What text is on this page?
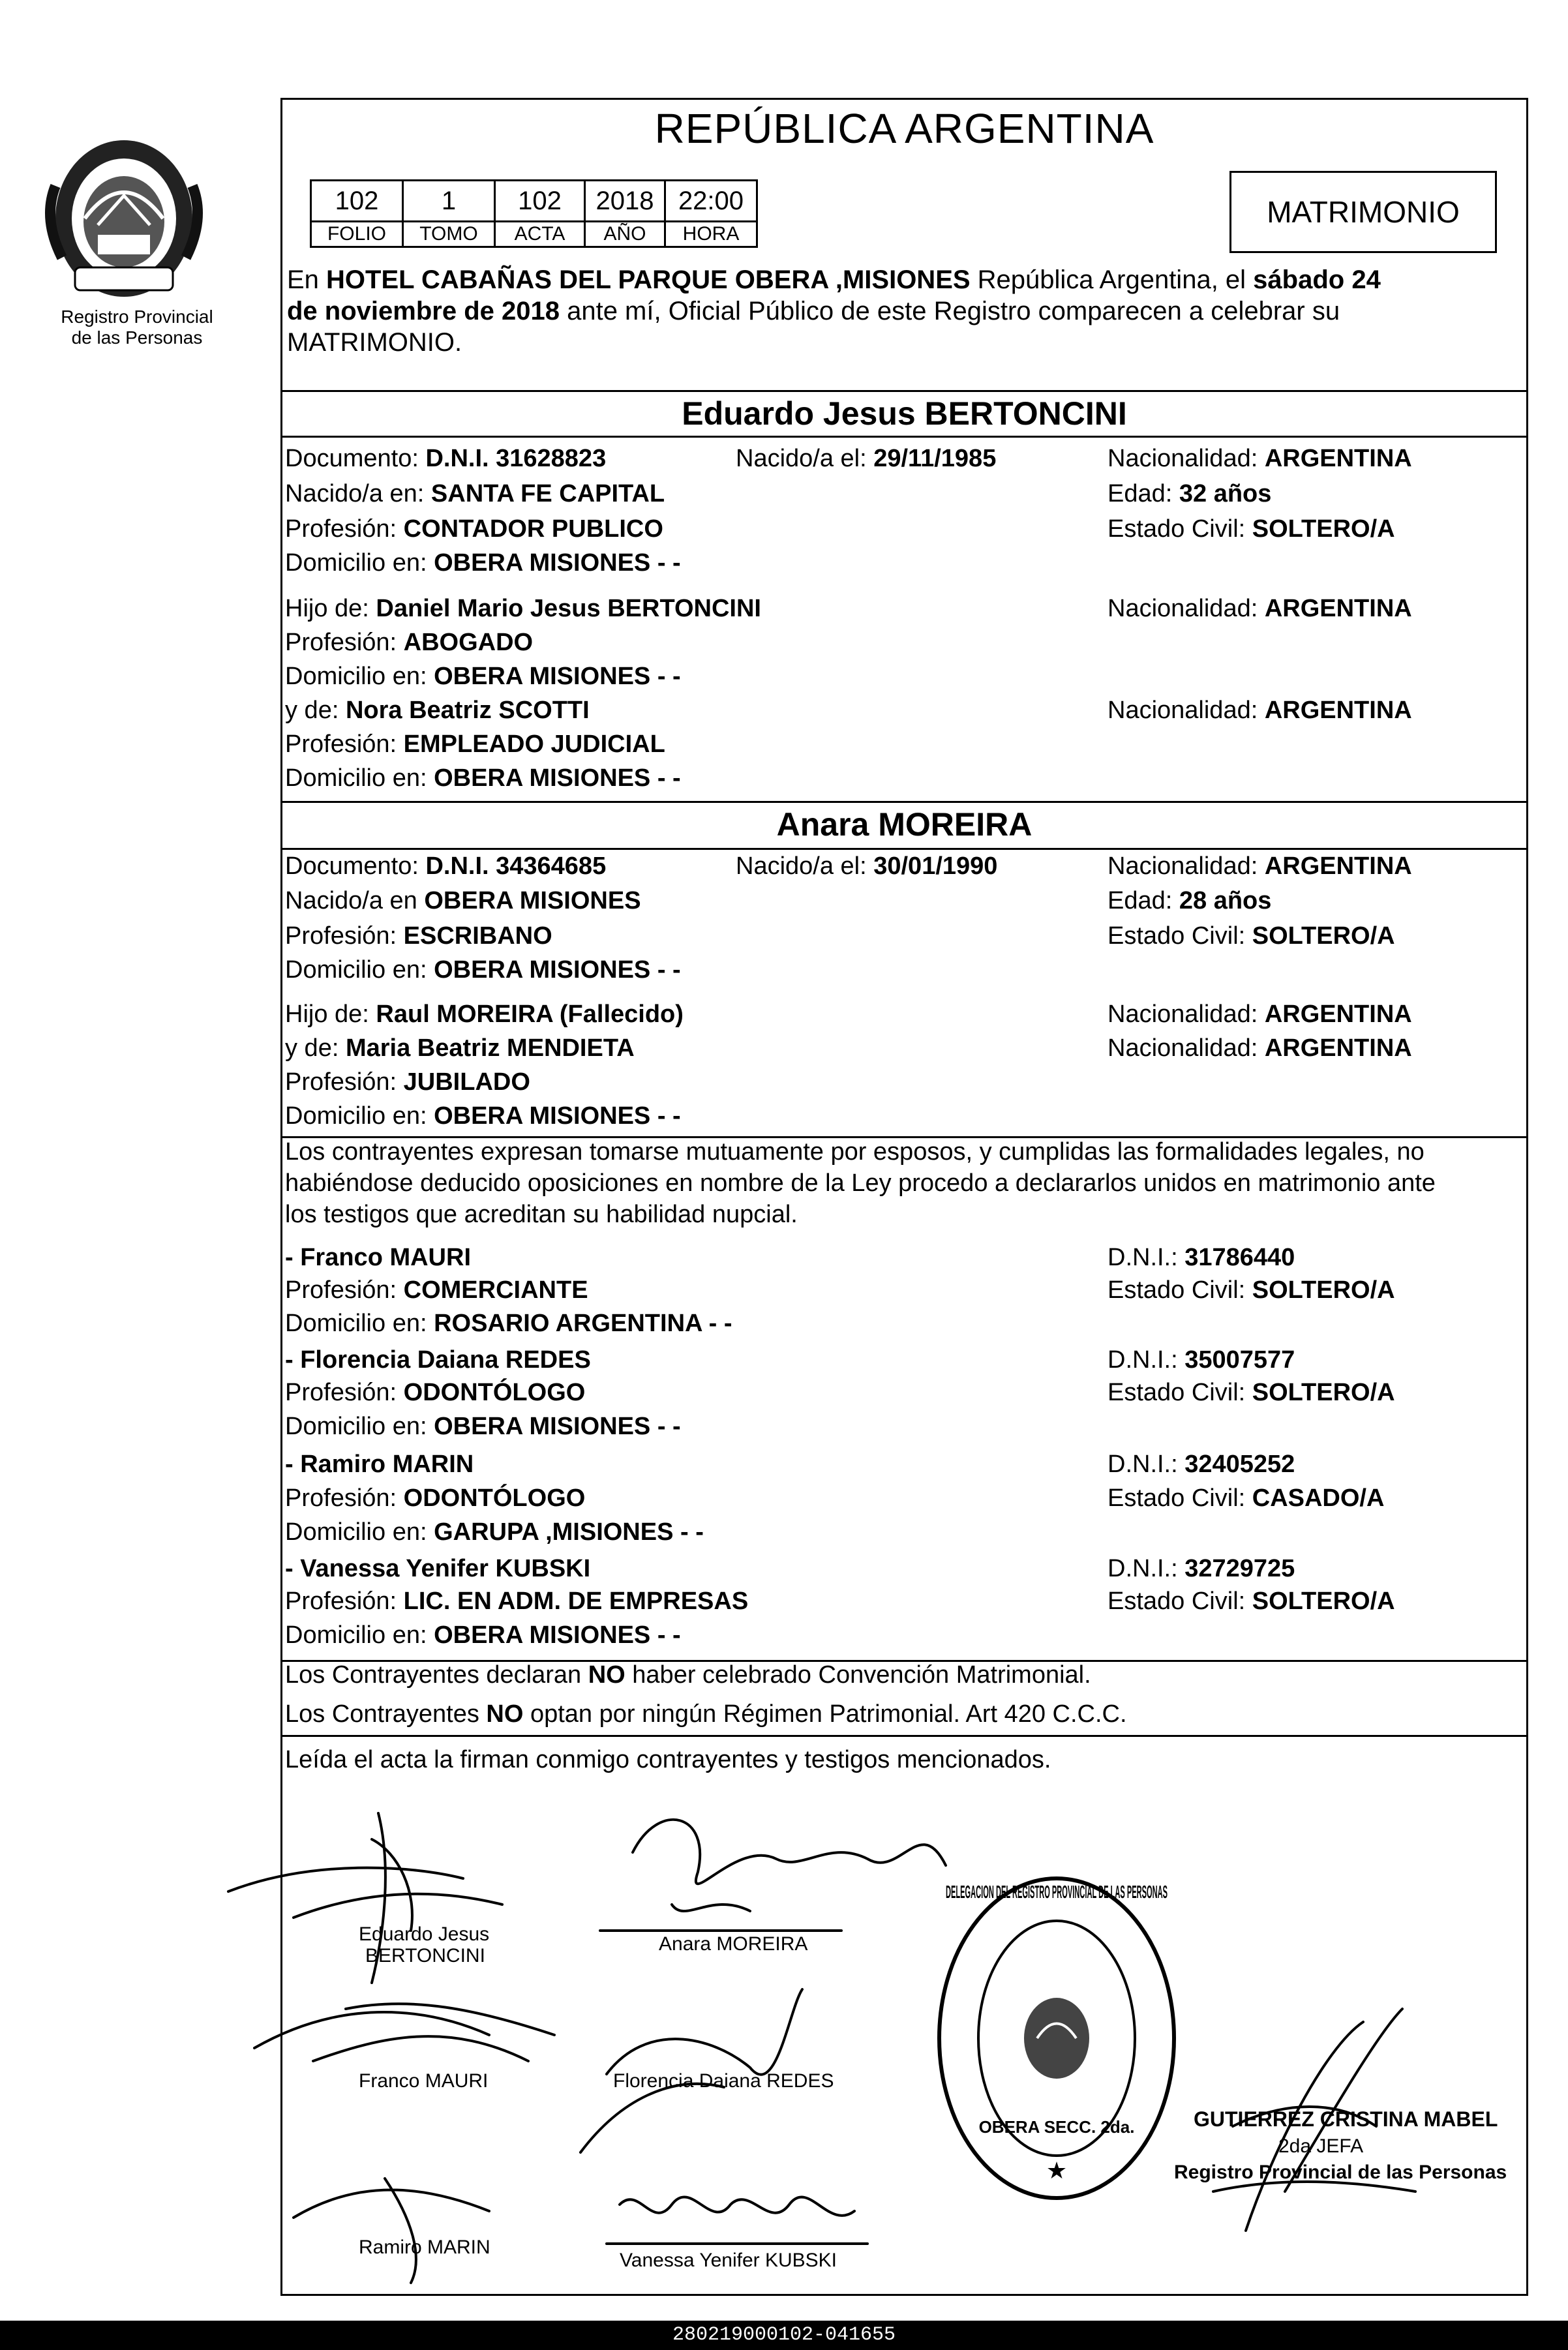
Registro Provincial
de las Personas
REPÚBLICA ARGENTINA
102	1	102	2018	22:00
FOLIO	TOMO	ACTA	AÑO	HORA
MATRIMONIO
En HOTEL CABAÑAS DEL PARQUE OBERA ,MISIONES República Argentina, el sábado 24
de noviembre de 2018 ante mí, Oficial Público de este Registro comparecen a celebrar su
MATRIMONIO.
Eduardo Jesus BERTONCINI
Documento: D.N.I. 31628823	Nacido/a el: 29/11/1985	Nacionalidad: ARGENTINA
Nacido/a en: SANTA FE CAPITAL	Edad: 32 años
Profesión: CONTADOR PUBLICO	Estado Civil: SOLTERO/A
Domicilio en: OBERA MISIONES - -
Hijo de: Daniel Mario Jesus BERTONCINI	Nacionalidad: ARGENTINA
Profesión: ABOGADO
Domicilio en: OBERA MISIONES - -
y de: Nora Beatriz SCOTTI	Nacionalidad: ARGENTINA
Profesión: EMPLEADO JUDICIAL
Domicilio en: OBERA MISIONES - -
Anara MOREIRA
Documento: D.N.I. 34364685	Nacido/a el: 30/01/1990	Nacionalidad: ARGENTINA
Nacido/a en OBERA MISIONES	Edad: 28 años
Profesión: ESCRIBANO	Estado Civil: SOLTERO/A
Domicilio en: OBERA MISIONES - -
Hijo de: Raul MOREIRA (Fallecido)	Nacionalidad: ARGENTINA
y de: Maria Beatriz MENDIETA	Nacionalidad: ARGENTINA
Profesión: JUBILADO
Domicilio en: OBERA MISIONES - -
Los contrayentes expresan tomarse mutuamente por esposos, y cumplidas las formalidades legales, no
habiéndose deducido oposiciones en nombre de la Ley procedo a declararlos unidos en matrimonio ante
los testigos que acreditan su habilidad nupcial.
- Franco MAURI	D.N.I.: 31786440
Profesión: COMERCIANTE	Estado Civil: SOLTERO/A
Domicilio en: ROSARIO ARGENTINA - -
- Florencia Daiana REDES	D.N.I.: 35007577
Profesión: ODONTÓLOGO	Estado Civil: SOLTERO/A
Domicilio en: OBERA MISIONES - -
- Ramiro MARIN	D.N.I.: 32405252
Profesión: ODONTÓLOGO	Estado Civil: CASADO/A
Domicilio en: GARUPA ,MISIONES - -
- Vanessa Yenifer KUBSKI	D.N.I.: 32729725
Profesión: LIC. EN ADM. DE EMPRESAS	Estado Civil: SOLTERO/A
Domicilio en: OBERA MISIONES - -
Los Contrayentes declaran NO haber celebrado Convención Matrimonial.
Los Contrayentes NO optan por ningún Régimen Patrimonial. Art 420 C.C.C.
Leída el acta la firman conmigo contrayentes y testigos mencionados.
Eduardo Jesus
BERTONCINI
Anara MOREIRA
Franco MAURI	Florencia Daiana REDES
Ramiro MARIN
Vanessa Yenifer KUBSKI
GUTIERREZ CRISTINA MABEL
2da JEFA
Registro Provincial de las Personas
DELEGACION DEL REGISTRO PROVINCIAL DE LAS PERSONAS
OBERA SECC. 2da.
★
280219000102-041655
